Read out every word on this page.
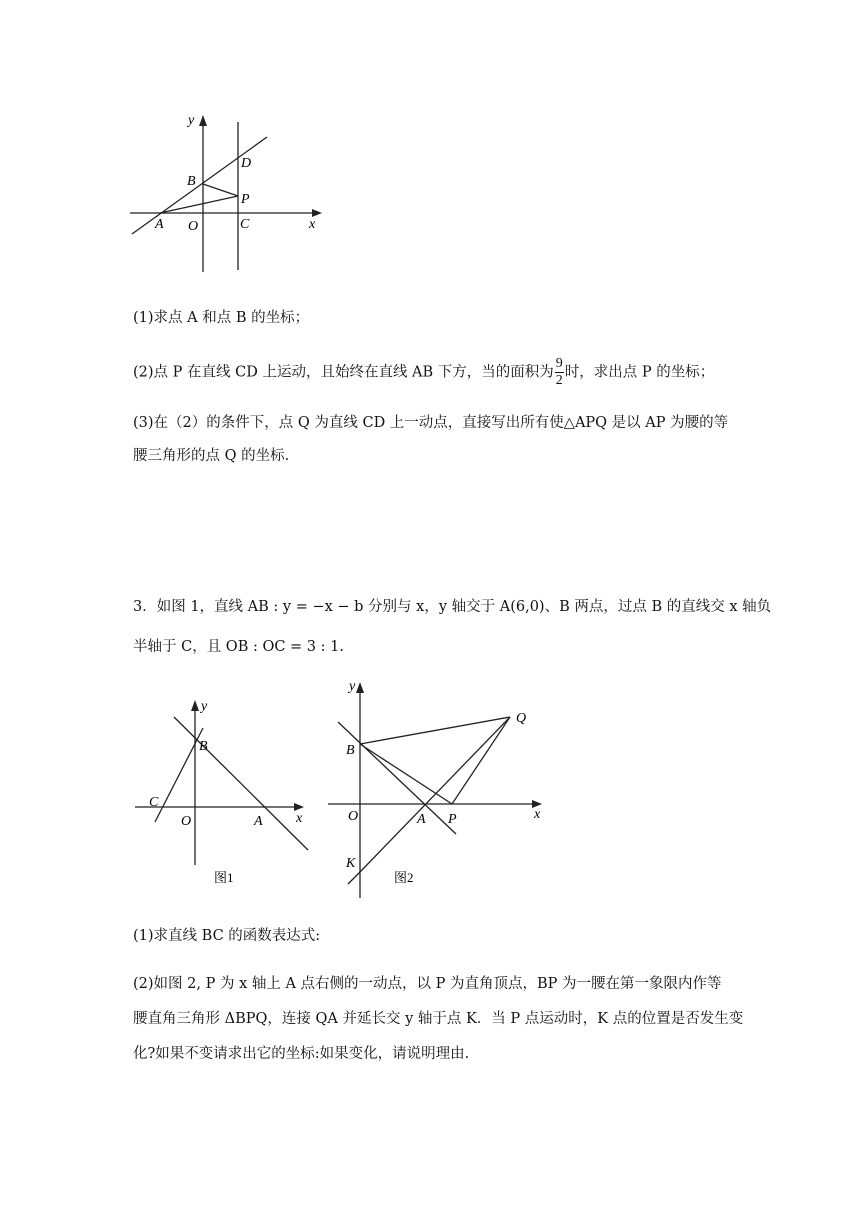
y
x
D
B
P
A O	C
(1)求点 A 和点 B 的坐标；
(2)点 P 在直线 CD 上运动，且始终在直线 AB 下方，当的面积为 $\frac{9}{2}$ 时，求出点 P 的坐标；
(3)在（2）的条件下，点 Q 为直线 CD 上一动点，直接写出所有使△APQ 是以 AP 为腰的等
腰三角形的点 Q 的坐标.
3．如图 1，直线 AB : y = −x − b 分别与 x，y 轴交于 A(6,0)、B 两点，过点 B 的直线交 x 轴负
半轴于 C，且 OB : OC = 3 : 1.
y
x
B
C
O	A
图1
y
x
B
Q
O	A P
K
图2
(1)求直线 BC 的函数表达式:
(2)如图 2, P 为 x 轴上 A 点右侧的一动点，以 P 为直角顶点，BP 为一腰在第一象限内作等
腰直角三角形 ΔBPQ，连接 QA 并延长交 y 轴于点 K．当 P 点运动时，K 点的位置是否发生变
化?如果不变请求出它的坐标:如果变化，请说明理由.
